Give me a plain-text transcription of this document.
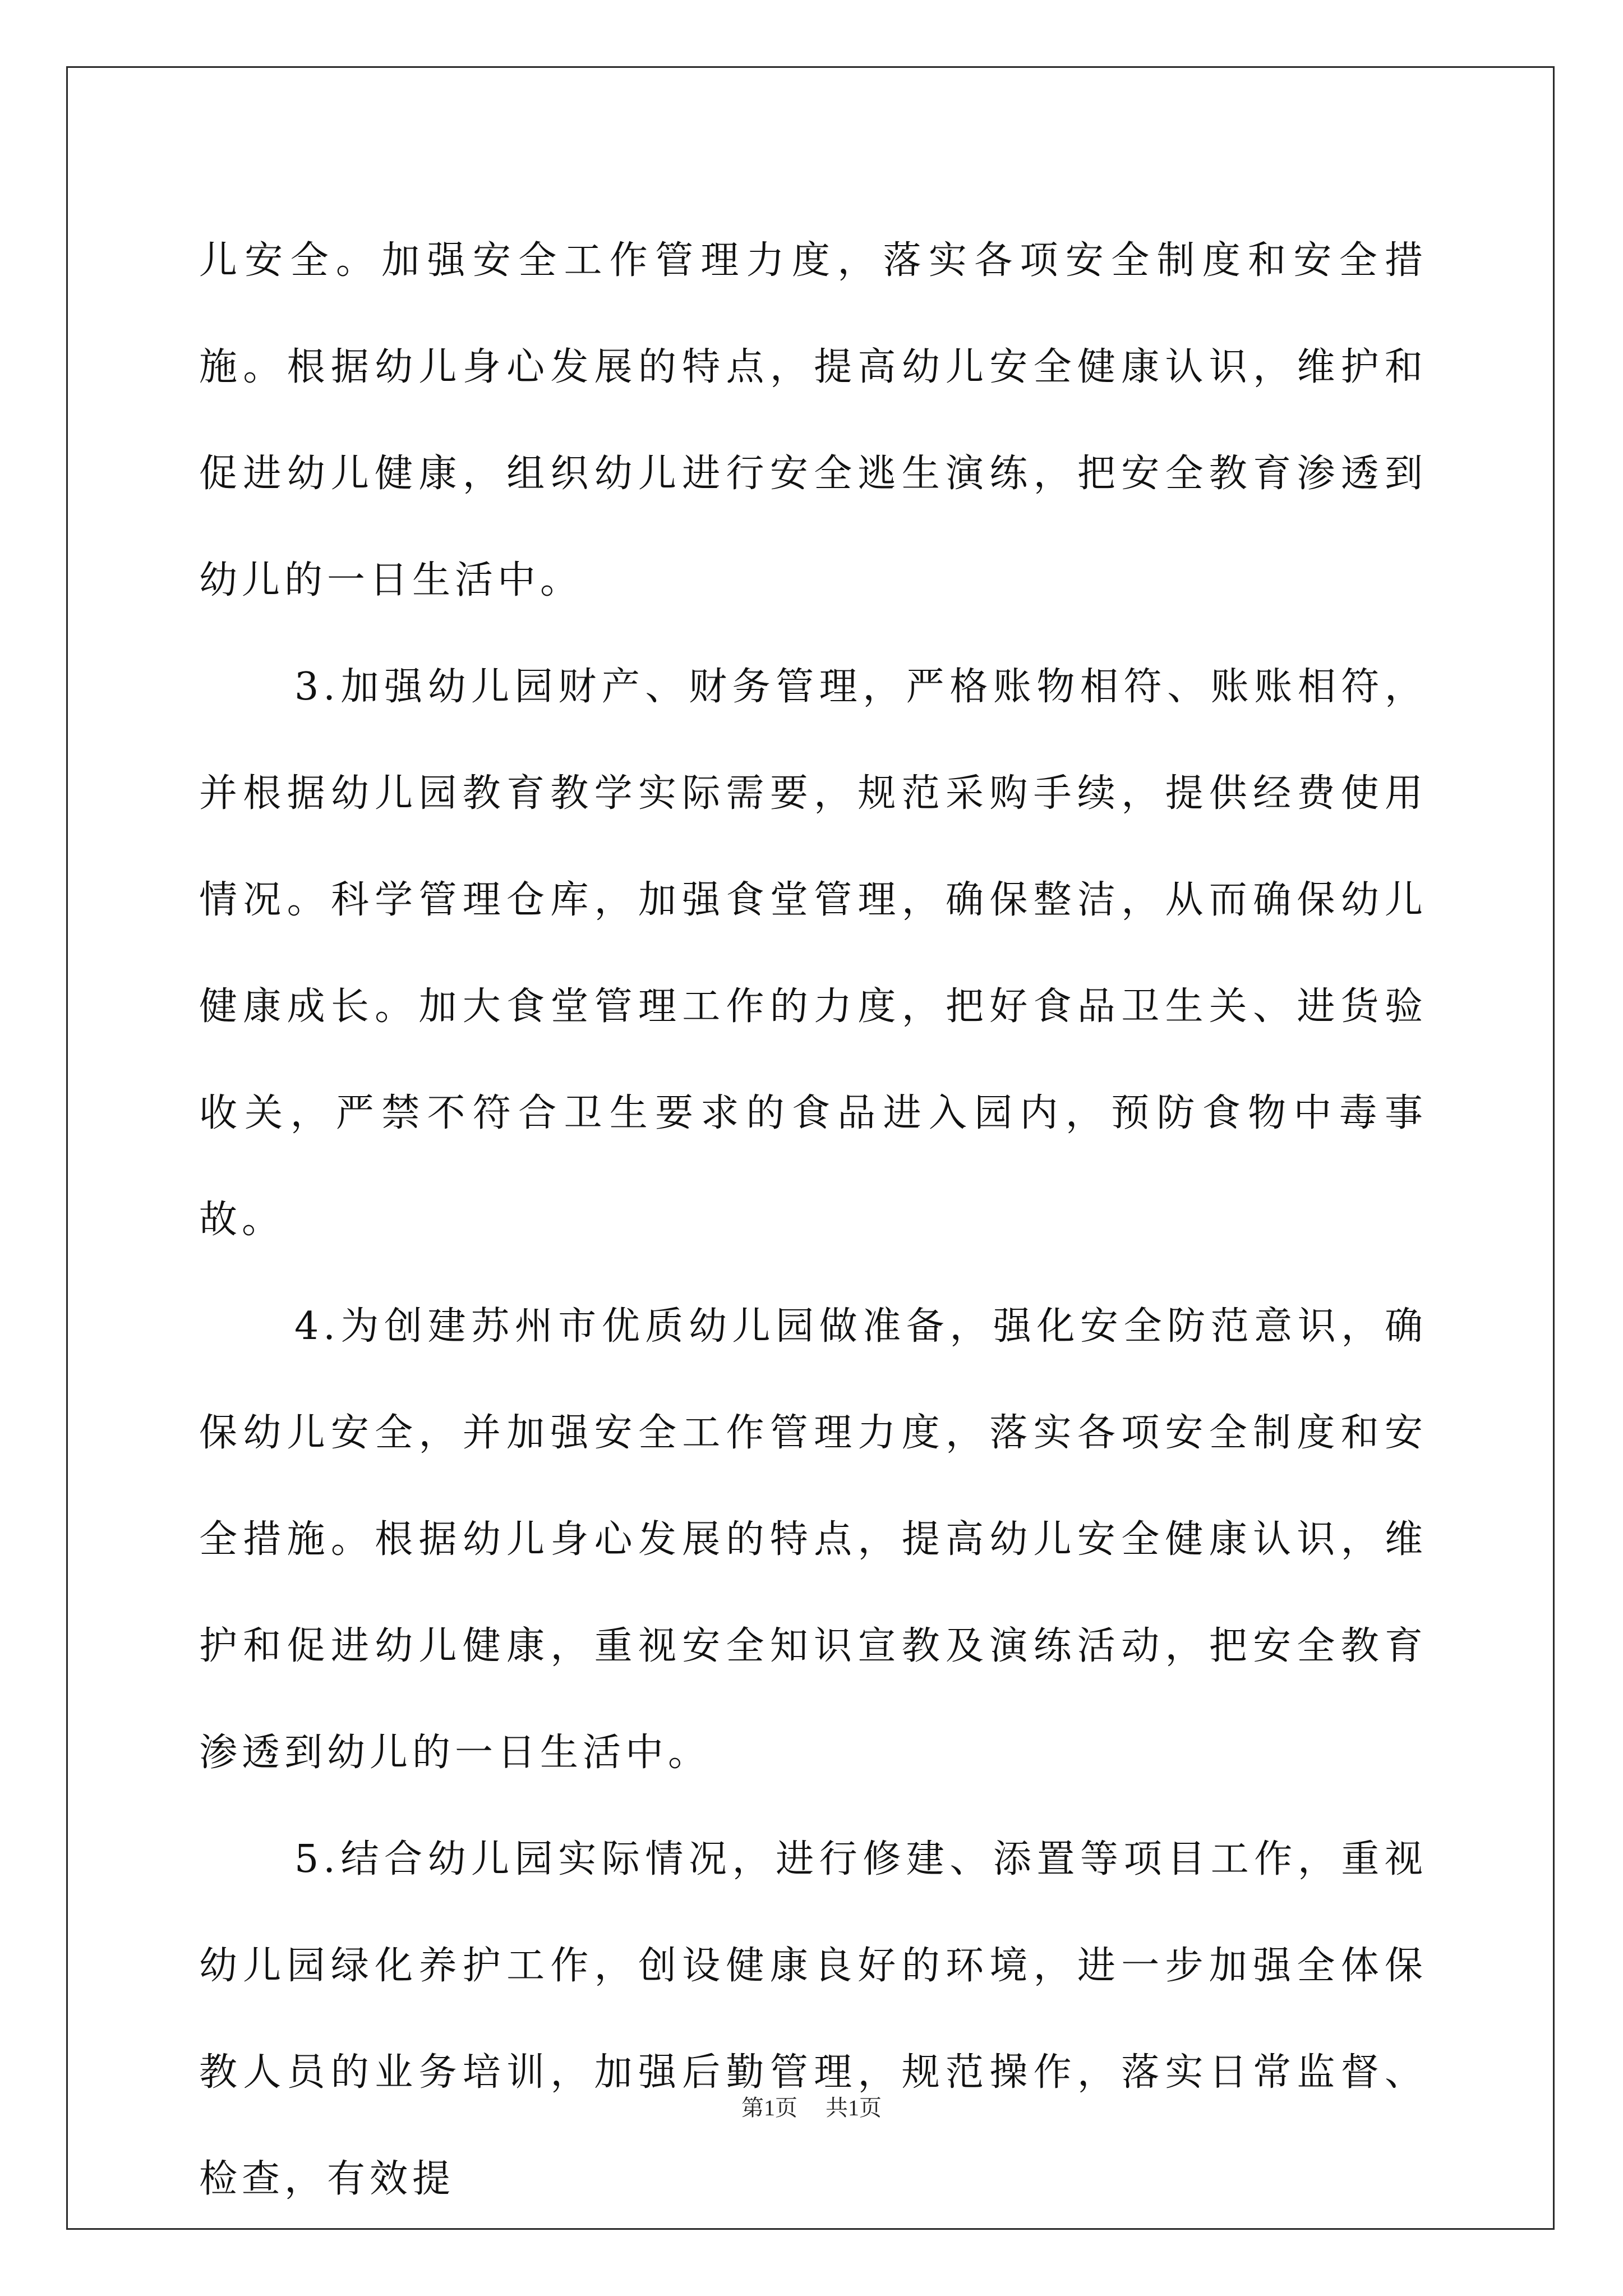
儿安全。加强安全工作管理力度，落实各项安全制度和安全措施。根据幼儿身心发展的特点，提高幼儿安全健康认识，维护和促进幼儿健康，组织幼儿进行安全逃生演练，把安全教育渗透到幼儿的一日生活中。

3.加强幼儿园财产、财务管理，严格账物相符、账账相符，并根据幼儿园教育教学实际需要，规范采购手续，提供经费使用情况。科学管理仓库，加强食堂管理，确保整洁，从而确保幼儿健康成长。加大食堂管理工作的力度，把好食品卫生关、进货验收关，严禁不符合卫生要求的食品进入园内，预防食物中毒事故。

4.为创建苏州市优质幼儿园做准备，强化安全防范意识，确保幼儿安全，并加强安全工作管理力度，落实各项安全制度和安全措施。根据幼儿身心发展的特点，提高幼儿安全健康认识，维护和促进幼儿健康，重视安全知识宣教及演练活动，把安全教育渗透到幼儿的一日生活中。

5.结合幼儿园实际情况，进行修建、添置等项目工作，重视幼儿园绿化养护工作，创设健康良好的环境，进一步加强全体保教人员的业务培训，加强后勤管理，规范操作，落实日常监督、检查，有效提

第1页 共1页
